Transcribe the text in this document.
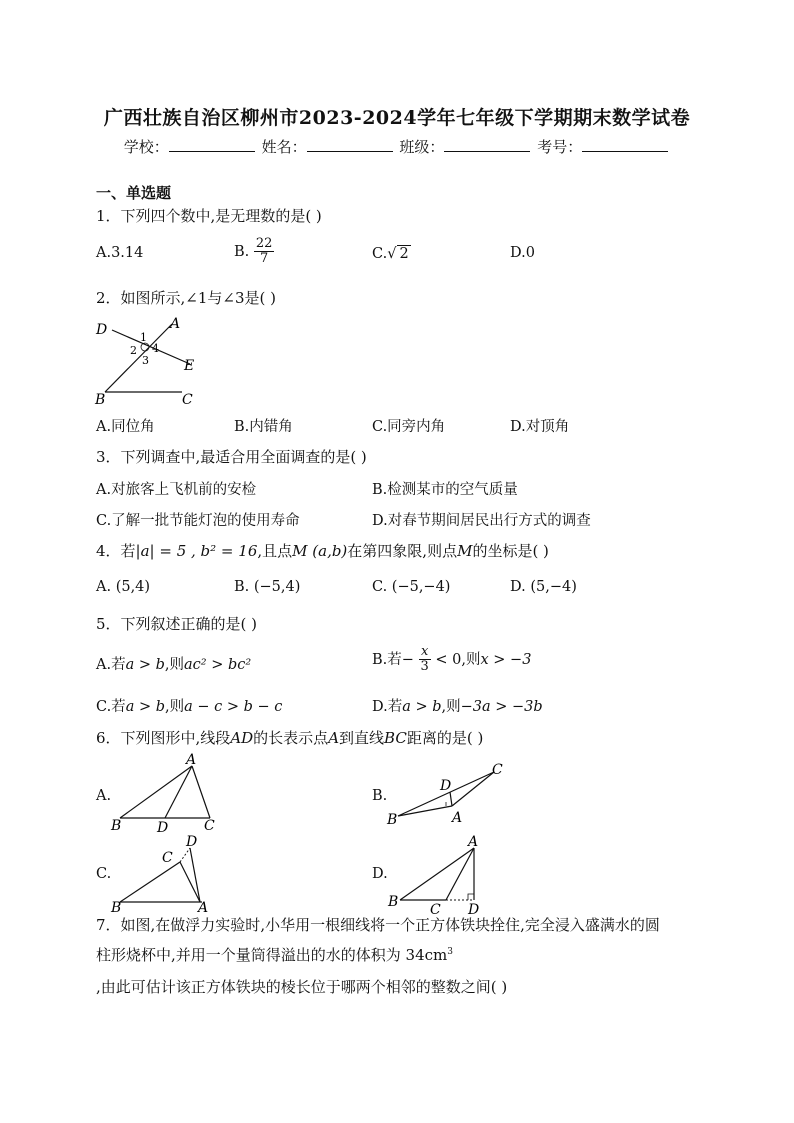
广西壮族自治区柳州市2023-2024学年七年级下学期期末数学试卷
学校：	姓名：	班级：	考号：
一、单选题
1．下列四个数中,是无理数的是( )
A.3.14	B. $\frac{22}{7}$	C.√ 2	D.0
2．如图所示,∠1与∠3是( )
D	A
1
2
3
4
E
B	C
A.同位角	B.内错角	C.同旁内角	D.对顶角
3．下列调查中,最适合用全面调查的是( )
A.对旅客上飞机前的安检	B.检测某市的空气质量
C.了解一批节能灯泡的使用寿命	D.对春节期间居民出行方式的调查
4．若|a| = 5 , b² = 16,且点M (a,b)在第四象限,则点M的坐标是( )
A. (5,4)	B. (−5,4)	C. (−5,−4)	D. (5,−4)
5．下列叙述正确的是( )
A.若a > b,则ac² > bc²	B.若− $\frac{x}{3} < 0$,则x > −3
C.若a > b,则a − c > b − c	D.若a > b,则−3a > −3b
6．下列图形中,线段AD的长表示点A到直线BC距离的是( )
A.
A
B	D	C
B.
D
C
B	A
C.
C
D
B	A
D.
A
B C D
7．如图,在做浮力实验时,小华用一根细线将一个正方体铁块拴住,完全浸入盛满水的圆
柱形烧杯中,并用一个量筒得溢出的水的体积为 $34cm^3$
,由此可估计该正方体铁块的棱长位于哪两个相邻的整数之间( )
